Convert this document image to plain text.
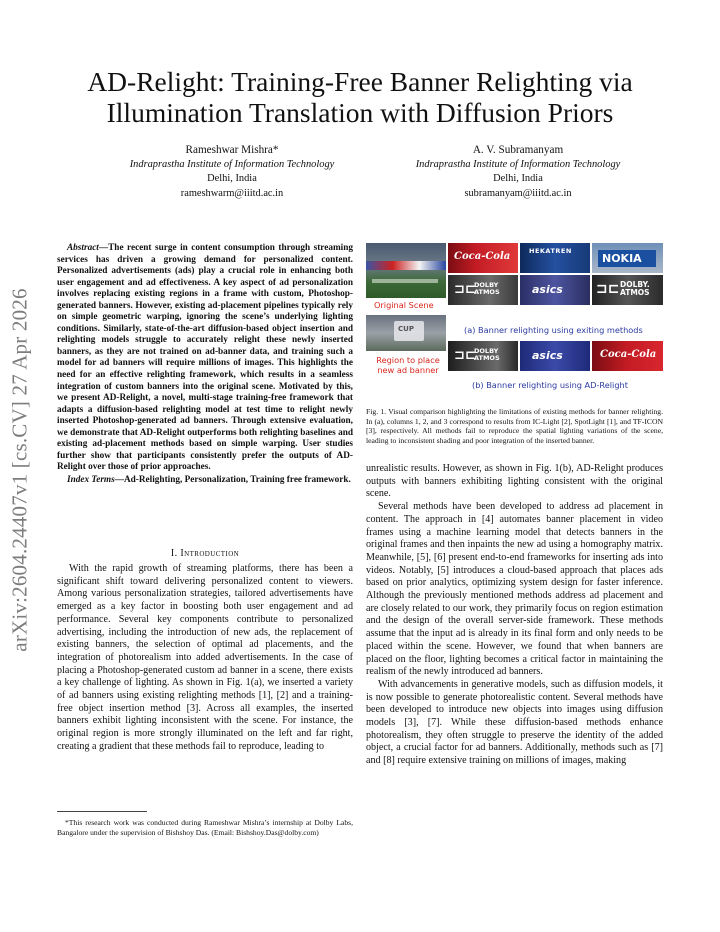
arXiv:2604.24407v1 [cs.CV] 27 Apr 2026
AD-Relight: Training-Free Banner Relighting via Illumination Translation with Diffusion Priors
Rameshwar Mishra*
Indraprastha Institute of Information Technology
Delhi, India
rameshwarm@iiitd.ac.in
A. V. Subramanyam
Indraprastha Institute of Information Technology
Delhi, India
subramanyam@iiitd.ac.in
Abstract—The recent surge in content consumption through streaming services has driven a growing demand for personalized content. Personalized advertisements (ads) play a crucial role in enhancing both user engagement and ad effectiveness. A key aspect of ad personalization involves replacing existing regions in a frame with custom, Photoshop-generated banners. However, existing ad-placement pipelines typically rely on simple geometric warping, ignoring the scene’s underlying lighting conditions. Similarly, state-of-the-art diffusion-based object insertion and relighting models struggle to accurately relight these newly inserted banners, as they are not trained on ad-banner data, and training such a model for ad banners will require millions of images. This highlights the need for an effective relighting framework, which results in a seamless integration of custom banners into the original scene. Motivated by this, we present AD-Relight, a novel, multi-stage training-free framework that adapts a diffusion-based relighting model at test time to relight newly inserted Photoshop-generated ad banners. Through extensive evaluation, we demonstrate that AD-Relight outperforms both relighting baselines and existing ad-placement methods based on simple warping. User studies further show that participants consistently prefer the outputs of AD-Relight over those of prior approaches.
Index Terms—Ad-Relighting, Personalization, Training free framework.
I. Introduction

With the rapid growth of streaming platforms, there has been a significant shift toward delivering personalized content to viewers. Among various personalization strategies, tailored advertisements have emerged as a key factor in boosting both user engagement and ad performance. Several key components contribute to personalized advertising, including the introduction of new ads, the replacement of existing banners, the selection of optimal ad placements, and the integration of photorealism into added advertisements. In the case of placing a Photoshop-generated custom ad banner in a scene, there exists a key challenge of lighting. As shown in Fig. 1(a), we inserted a variety of ad banners using existing relighting methods [1], [2] and a training-free object insertion method [3]. Across all examples, the inserted banners exhibit lighting inconsistent with the scene. For instance, the original region is more strongly illuminated on the left and far right, creating a gradient that these methods fail to reproduce, leading to

*This research work was conducted during Rameshwar Mishra’s internship at Dolby Labs, Bangalore under the supervision of Bishshoy Das. (Email: Bishshoy.Das@dolby.com)
Original Scene
CUP
Region to place new ad banner
Coca-Cola	HEKATREN
NOKIA
⊐⊏
DOLBY ATMOS	asics ⊐⊏ DOLBY. ATMOS
(a) Banner relighting using exiting methods
⊐⊏
DOLBY ATMOS	asics	Coca-Cola
(b) Banner relighting using AD-Relight
Fig. 1. Visual comparison highlighting the limitations of existing methods for banner relighting. In (a), columns 1, 2, and 3 correspond to results from IC-Light [2], SpotLight [1], and TF-ICON [3], respectively. All methods fail to reproduce the spatial lighting variations of the scene, leading to inconsistent shading and poor integration of the inserted banner.

unrealistic results. However, as shown in Fig. 1(b), AD-Relight produces outputs with banners exhibiting lighting consistent with the original scene.

Several methods have been developed to address ad placement in content. The approach in [4] automates banner placement in video frames using a machine learning model that detects banners in the original frames and then inpaints the new ad using a homography matrix. Meanwhile, [5], [6] present end-to-end frameworks for inserting ads into videos. Notably, [5] introduces a cloud-based approach that places ads based on prior analytics, optimizing system design for faster inference. Although the previously mentioned methods address ad placement and are closely related to our work, they primarily focus on region estimation and the design of the overall server-side framework. These methods assume that the input ad is already in its final form and only needs to be placed within the scene. However, we found that when banners are placed on the floor, lighting becomes a critical factor in maintaining the realism of the newly introduced ad banners.

With advancements in generative models, such as diffusion models, it is now possible to generate photorealistic content. Several methods have been developed to introduce new objects into images using diffusion models [3], [7]. While these diffusion-based methods enhance photorealism, they often struggle to preserve the identity of the added object, a crucial factor for ad banners. Additionally, methods such as [7] and [8] require extensive training on millions of images, making
